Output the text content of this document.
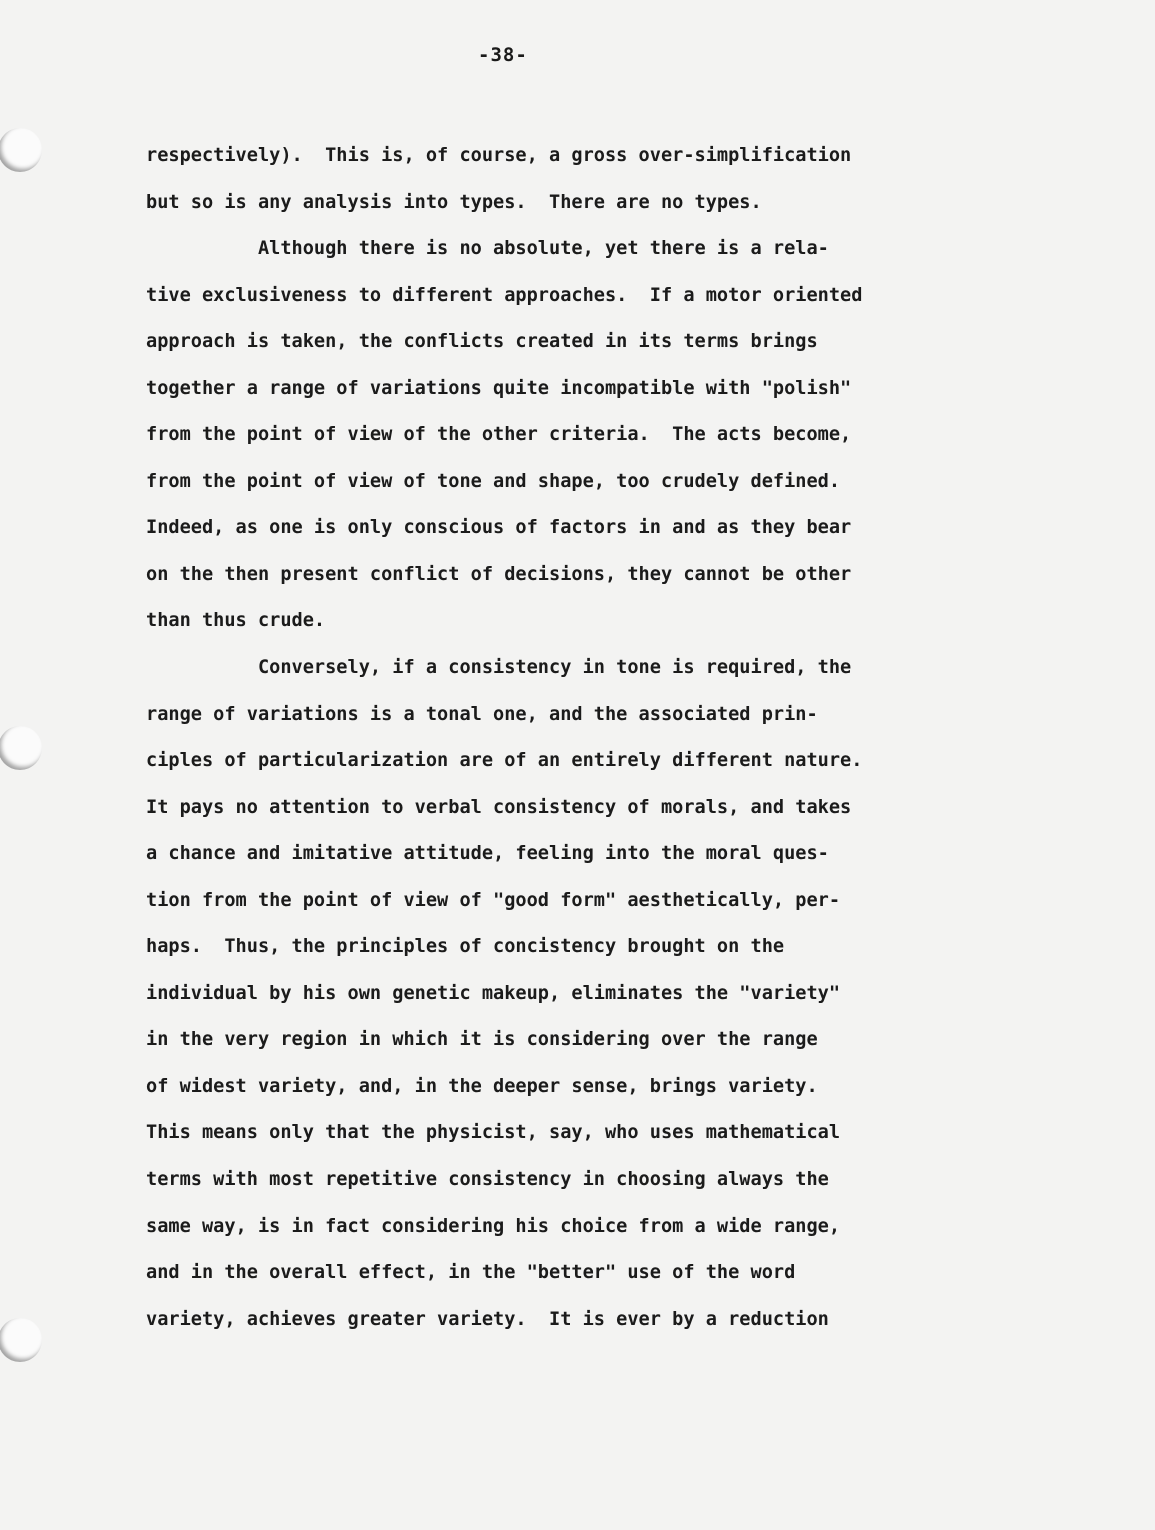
-38-
respectively).  This is, of course, a gross over-simplification
but so is any analysis into types.  There are no types.
Although there is no absolute, yet there is a rela-
tive exclusiveness to different approaches.  If a motor oriented
approach is taken, the conflicts created in its terms brings
together a range of variations quite incompatible with "polish"
from the point of view of the other criteria.  The acts become,
from the point of view of tone and shape, too crudely defined.
Indeed, as one is only conscious of factors in and as they bear
on the then present conflict of decisions, they cannot be other
than thus crude.
Conversely, if a consistency in tone is required, the
range of variations is a tonal one, and the associated prin-
ciples of particularization are of an entirely different nature.
It pays no attention to verbal consistency of morals, and takes
a chance and imitative attitude, feeling into the moral ques-
tion from the point of view of "good form" aesthetically, per-
haps.  Thus, the principles of concistency brought on the
individual by his own genetic makeup, eliminates the "variety"
in the very region in which it is considering over the range
of widest variety, and, in the deeper sense, brings variety.
This means only that the physicist, say, who uses mathematical
terms with most repetitive consistency in choosing always the
same way, is in fact considering his choice from a wide range,
and in the overall effect, in the "better" use of the word
variety, achieves greater variety.  It is ever by a reduction
